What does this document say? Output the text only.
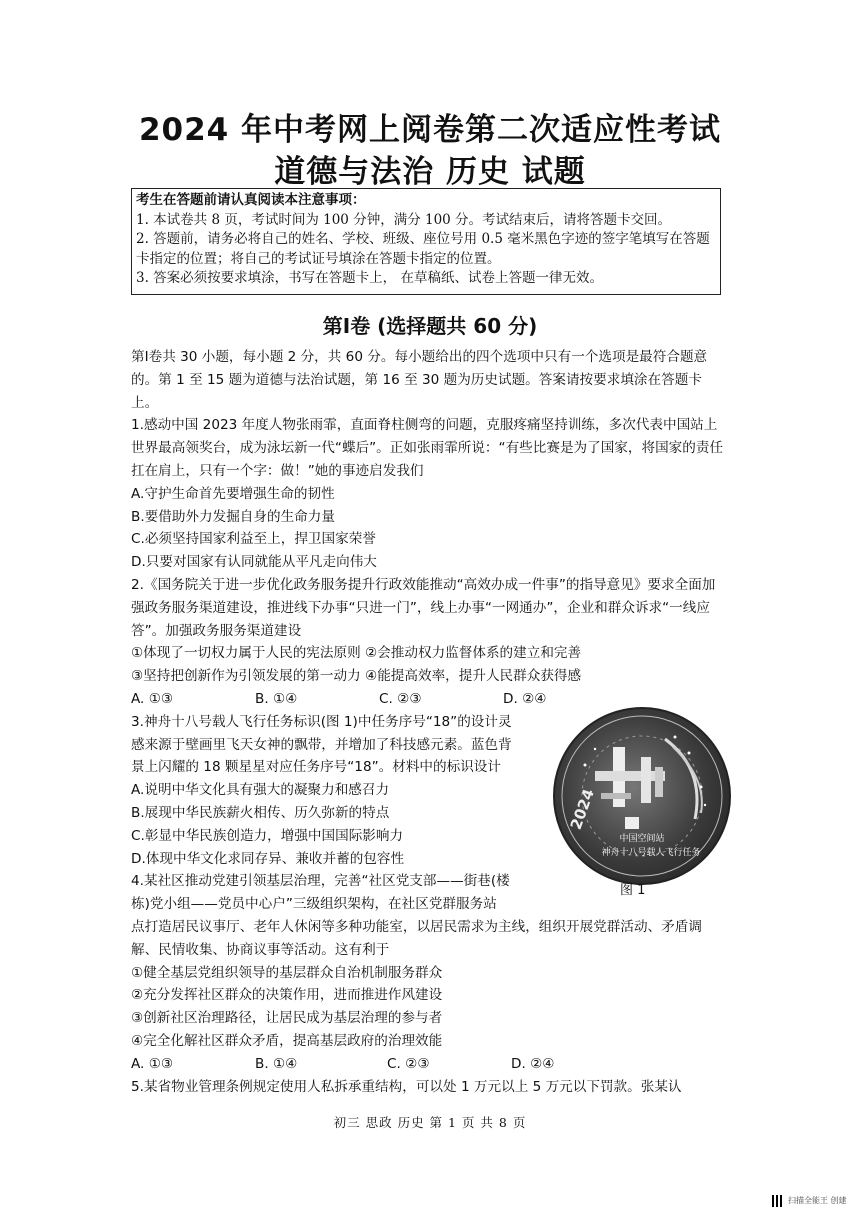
2024 年中考网上阅卷第二次适应性考试
道德与法治 历史 试题
考生在答题前请认真阅读本注意事项：
1. 本试卷共 8 页，考试时间为 100 分钟，满分 100 分。考试结束后，请将答题卡交回。
2. 答题前，请务必将自己的姓名、学校、班级、座位号用 0.5 毫米黑色字迹的签字笔填写在答题卡指定的位置；将自己的考试证号填涂在答题卡指定的位置。
3. 答案必须按要求填涂，书写在答题卡上， 在草稿纸、试卷上答题一律无效。
第Ⅰ卷 (选择题共 60 分)

第Ⅰ卷共 30 小题，每小题 2 分，共 60 分。每小题给出的四个选项中只有一个选项是最符合题意的。第 1 至 15 题为道德与法治试题，第 16 至 30 题为历史试题。答案请按要求填涂在答题卡上。

1.感动中国 2023 年度人物张雨霏，直面脊柱侧弯的问题，克服疼痛坚持训练，多次代表中国站上世界最高领奖台，成为泳坛新一代“蝶后”。正如张雨霏所说：“有些比赛是为了国家，将国家的责任扛在肩上，只有一个字：做！”她的事迹启发我们

A.守护生命首先要增强生命的韧性

B.要借助外力发掘自身的生命力量

C.必须坚持国家利益至上，捍卫国家荣誉

D.只要对国家有认同就能从平凡走向伟大

2.《国务院关于进一步优化政务服务提升行政效能推动“高效办成一件事”的指导意见》要求全面加强政务服务渠道建设，推进线下办事“只进一门”，线上办事“一网通办”，企业和群众诉求“一线应答”。加强政务服务渠道建设

①体现了一切权力属于人民的宪法原则 ②会推动权力监督体系的建立和完善

③坚持把创新作为引领发展的第一动力 ④能提高效率，提升人民群众获得感

A. ①③	B. ①④	C. ②③	D. ②④

3.神舟十八号载人飞行任务标识(图 1)中任务序号“18”的设计灵

感来源于壁画里飞天女神的飘带，并增加了科技感元素。蓝色背

景上闪耀的 18 颗星星对应任务序号“18”。材料中的标识设计

A.说明中华文化具有强大的凝聚力和感召力

B.展现中华民族薪火相传、历久弥新的特点

C.彰显中华民族创造力，增强中国国际影响力

D.体现中华文化求同存异、兼收并蓄的包容性

4.某社区推动党建引领基层治理，完善“社区党支部——街巷(楼

栋)党小组——党员中心户”三级组织架构，在社区党群服务站

点打造居民议事厅、老年人休闲等多种功能室，以居民需求为主线，组织开展党群活动、矛盾调解、民情收集、协商议事等活动。这有利于

①健全基层党组织领导的基层群众自治机制服务群众

②充分发挥社区群众的决策作用，进而推进作风建设

③创新社区治理路径，让居民成为基层治理的参与者

④完全化解社区群众矛盾，提高基层政府的治理效能

A. ①③	B. ①④	C. ②③	D. ②④

5.某省物业管理条例规定使用人私拆承重结构，可以处 1 万元以上 5 万元以下罚款。张某认

2024
中国空间站
神舟十八号载人飞行任务
图 1
初三 思政 历史 第 1 页 共 8 页
扫描全能王 创建
